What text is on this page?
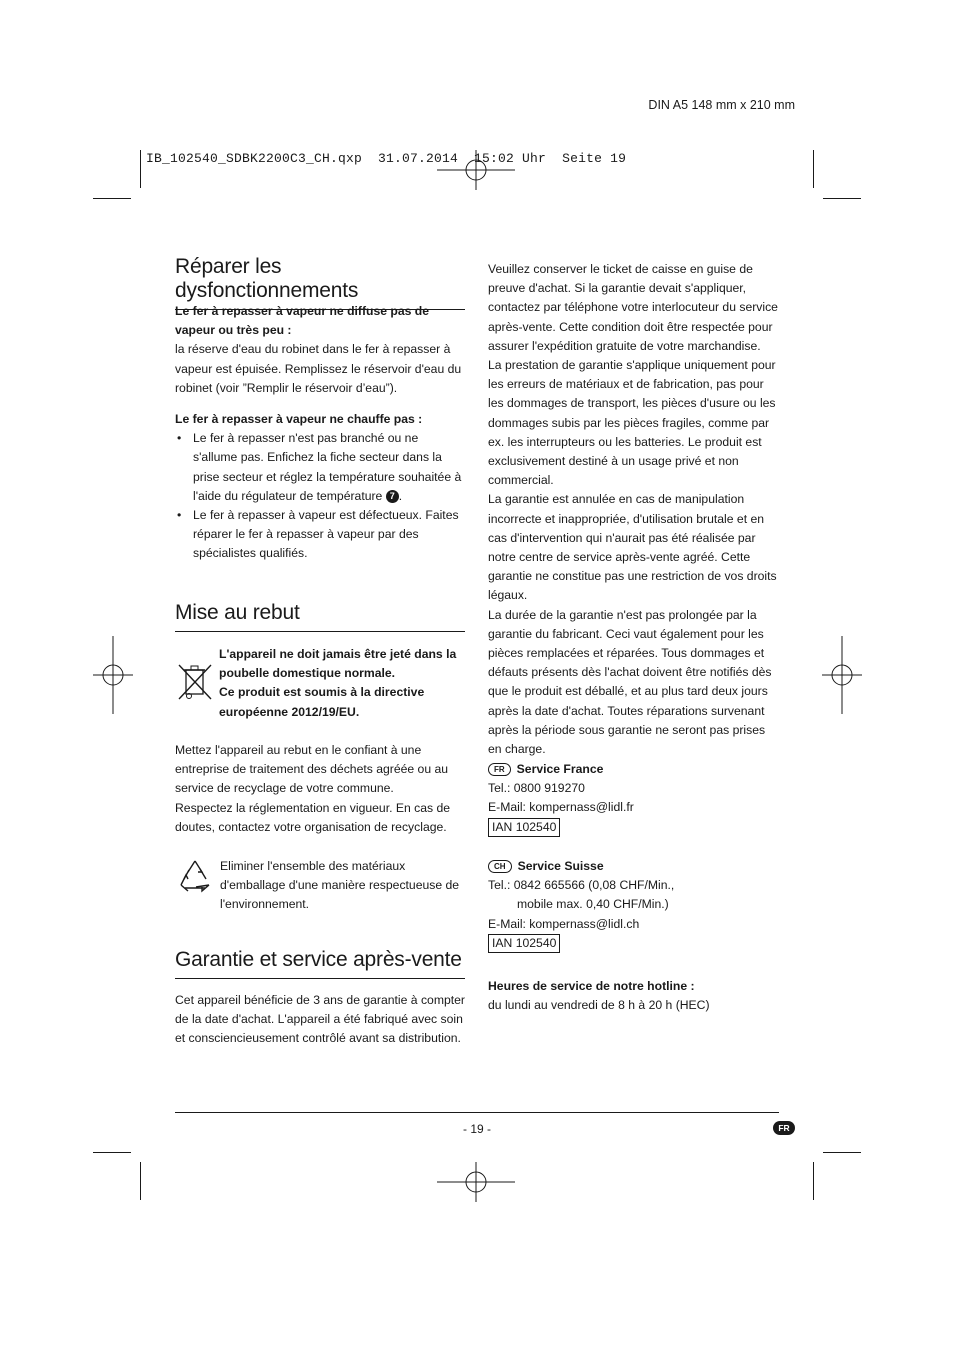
DIN A5 148 mm x 210 mm
IB_102540_SDBK2200C3_CH.qxp  31.07.2014  15:02 Uhr  Seite 19
Réparer les dysfonctionnements

Le fer à repasser à vapeur ne diffuse pas de vapeur ou très peu :

la réserve d'eau du robinet dans le fer à repasser à vapeur est épuisée. Remplissez le réservoir d'eau du robinet (voir ”Remplir le réservoir d’eau”).

Le fer à repasser à vapeur ne chauffe pas :

• Le fer à repasser n'est pas branché ou ne s'allume pas. Enfichez la fiche secteur dans la prise secteur et réglez la température souhaitée à l'aide du régulateur de température 7 .
• Le fer à repasser à vapeur est défectueux. Faites réparer le fer à repasser à vapeur par des spécialistes qualifiés.
Mise au rebut

L'appareil ne doit jamais être jeté dans la poubelle domestique normale.

Ce produit est soumis à la directive européenne 2012/19/EU.

Mettez l'appareil au rebut en le confiant à une entreprise de traitement des déchets agréée ou au service de recyclage de votre commune.

Respectez la réglementation en vigueur. En cas de doutes, contactez votre organisation de recyclage.

Eliminer l'ensemble des matériaux d'emballage d'une manière respectueuse de l'environnement.
Garantie et service après-vente
Cet appareil bénéficie de 3 ans de garantie à compter de la date d'achat. L'appareil a été fabriqué avec soin et consciencieusement contrôlé avant sa distribution.

Veuillez conserver le ticket de caisse en guise de preuve d'achat. Si la garantie devait s'appliquer, contactez par téléphone votre interlocuteur du service après-vente. Cette condition doit être respectée pour assurer l'expédition gratuite de votre marchandise.

La prestation de garantie s'applique uniquement pour les erreurs de matériaux et de fabrication, pas pour les dommages de transport, les pièces d'usure ou les dommages subis par les pièces fragiles, comme par ex. les interrupteurs ou les batteries. Le produit est exclusivement destiné à un usage privé et non commercial.

La garantie est annulée en cas de manipulation incorrecte et inappropriée, d'utilisation brutale et en cas d'intervention qui n'aurait pas été réalisée par notre centre de service après-vente agréé. Cette garantie ne constitue pas une restriction de vos droits légaux.

La durée de la garantie n'est pas prolongée par la garantie du fabricant. Ceci vaut également pour les pièces remplacées et réparées. Tous dommages et défauts présents dès l'achat doivent être notifiés dès que le produit est déballé, et au plus tard deux jours après la date d'achat. Toutes réparations survenant après la période sous garantie ne seront pas prises en charge.

FR Service France

Tel.: 0800 919270

E-Mail: kompernass@lidl.fr

IAN 102540

CH Service Suisse

Tel.: 0842 665566 (0,08 CHF/Min.,

mobile max. 0,40 CHF/Min.)

E-Mail: kompernass@lidl.ch

IAN 102540

Heures de service de notre hotline :

du lundi au vendredi de 8 h à 20 h (HEC)

- 19 -	FR
